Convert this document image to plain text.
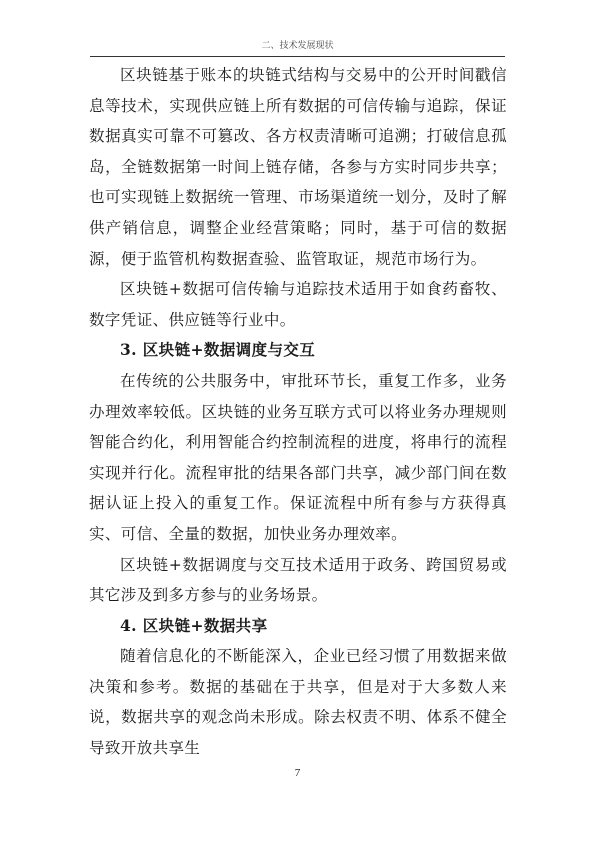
二、技术发展现状

区块链基于账本的块链式结构与交易中的公开时间戳信息等技术，实现供应链上所有数据的可信传输与追踪，保证数据真实可靠不可篡改、各方权责清晰可追溯；打破信息孤岛，全链数据第一时间上链存储，各参与方实时同步共享；也可实现链上数据统一管理、市场渠道统一划分，及时了解供产销信息，调整企业经营策略；同时，基于可信的数据源，便于监管机构数据查验、监管取证，规范市场行为。

区块链+数据可信传输与追踪技术适用于如食药畜牧、数字凭证、供应链等行业中。

3. 区块链+数据调度与交互

在传统的公共服务中，审批环节长，重复工作多，业务办理效率较低。区块链的业务互联方式可以将业务办理规则智能合约化，利用智能合约控制流程的进度，将串行的流程实现并行化。流程审批的结果各部门共享，减少部门间在数据认证上投入的重复工作。保证流程中所有参与方获得真实、可信、全量的数据，加快业务办理效率。

区块链+数据调度与交互技术适用于政务、跨国贸易或其它涉及到多方参与的业务场景。

4. 区块链+数据共享

随着信息化的不断能深入，企业已经习惯了用数据来做决策和参考。数据的基础在于共享，但是对于大多数人来说，数据共享的观念尚未形成。除去权责不明、体系不健全导致开放共享生

7
